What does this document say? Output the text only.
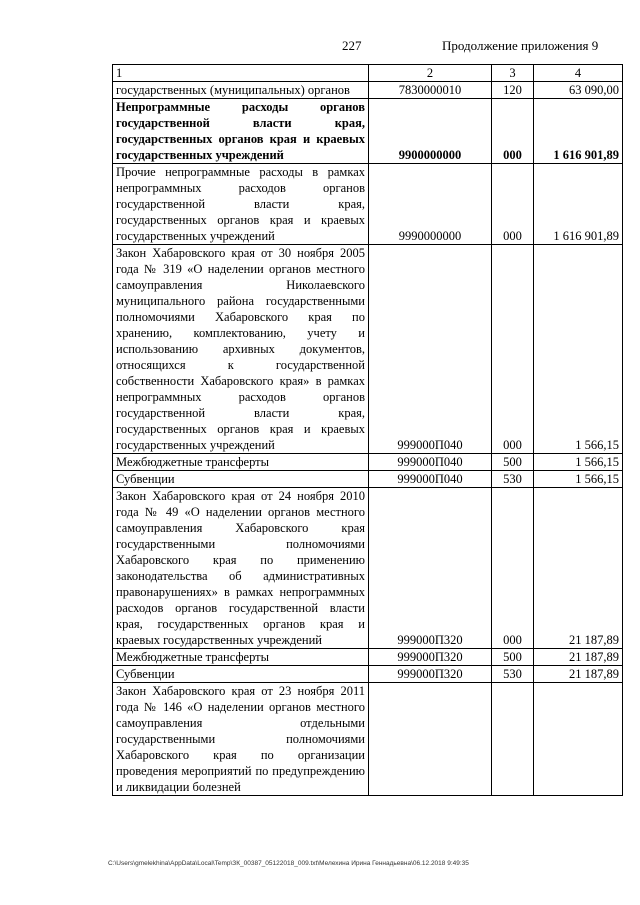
227	Продолжение приложения 9
1	2	3	4
государственных (муниципальных) органов	7830000010	120	63 090,00
Непрограммные расходы органов государственной власти края, государственных органов края и краевых государственных учреждений	9900000000	000	1 616 901,89
Прочие непрограммные расходы в рамках непрограммных расходов органов государственной власти края, государственных органов края и краевых государственных учреждений	9990000000	000	1 616 901,89
Закон Хабаровского края от 30 ноября 2005 года № 319 «О наделении органов местного самоуправления Николаевского муниципального района государственными полномочиями Хабаровского края по хранению, комплектованию, учету и использованию архивных документов, относящихся к государственной собственности Хабаровского края» в рамках непрограммных расходов органов государственной власти края, государственных органов края и краевых государственных учреждений	999000П040	000	1 566,15
Межбюджетные трансферты	999000П040	500	1 566,15
Субвенции	999000П040	530	1 566,15
Закон Хабаровского края от 24 ноября 2010 года № 49 «О наделении органов местного самоуправления Хабаровского края государственными полномочиями Хабаровского края по применению законодательства об административных правонарушениях» в рамках непрограммных расходов органов государственной власти края, государственных органов края и краевых государственных учреждений	999000П320	000	21 187,89
Межбюджетные трансферты	999000П320	500	21 187,89
Субвенции	999000П320	530	21 187,89
Закон Хабаровского края от 23 ноября 2011 года № 146 «О наделении органов местного самоуправления отдельными государственными полномочиями Хабаровского края по организации проведения мероприятий по предупреждению и ликвидации болезней			
C:\Users\gmelekhina\AppData\Local\Temp\ЗК_00387_05122018_009.txt\Мелехина Ирина Геннадьевна\06.12.2018 9:49:35
